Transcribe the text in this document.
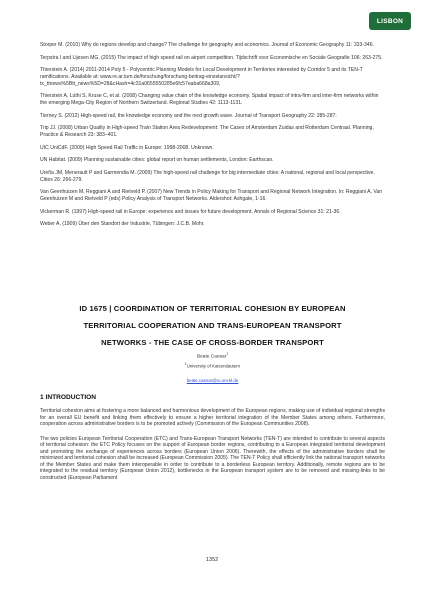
LISBON

Storper M. (2010) Why do regions develop and change? The challenge for geography and economics. Journal of Economic Geography 11: 333-346.

Terpstra I and Lijesen MG. (2015) The impact of high speed rail on airport competition. Tijdschrift voor Economische en Sociale Geografie 106: 263-275.

Thierstein A. (2014) 2011-2014 Poly 5 - Polycentric Planning Models for Local Development in Territories interested by Corridor 5 and its TEN-T ramifications. Available at: www.re.ar.tum.de/forschung/forschung-beitrag-einzelansicht/?tx_ttnews%5Btt_news%5D=28&cHash=4c31a0655550285e6fc57eaba668a309,

Thierstein A, Lüthi S, Kruse C, et al. (2008) Changing value chain of the knowledge economy. Spatial impact of intra-firm and inter-firm networks within the emerging Mega-City Region of Northern Switzerland. Regional Studies 42: 1113-1131.

Tierney S. (2012) High-speed rail, the knowledge economy and the next growth wave. Journal of Transport Geography 22: 285-287.

Trip JJ. (2008) Urban Quality in High-speed Train Station Area Redevelopment: The Cases of Amsterdam Zuidas and Rotterdam Centraal. Planning, Practice & Research 23: 383–401.

UIC UniCdF. (2009) High Speed Rail Traffic in Europe: 1998-2008. Unknown.

UN Habitat. (2009) Planning sustainable cities: global report on human settlements, London: Earthscan.

Ureña JM, Menerault P and Garmendia M. (2009) The high-speed rail challenge for big intermediate cities: A national, regional and local perspective. Cities 26: 266-279.

Van Geenhuizen M, Reggiani A and Rietveld P. (2007) New Trends in Policy Making for Transport and Regional Network Integration. In: Reggiani A, Van Geenhuizen M and Rietveld P (eds) Policy Analysis of Transport Networks. Aldershot: Ashgate, 1-16.

Vickerman R. (1997) High-speed rail in Europe: experience and issues for future development. Annals of Regional Science 31: 21-36.

Weber A. (1909) Über den Standort der Industrie, Tübingen: J.C.B. Mohr.

ID 1675 | COORDINATION OF TERRITORIAL COHESION BY EUROPEAN
TERRITORIAL COOPERATION AND TRANS-EUROPEAN TRANSPORT
NETWORKS - THE CASE OF CROSS-BORDER TRANSPORT
Beate Caesar$^1$
$^1$University of Kaiserslautern
beate.caesar@ru.uni-kl.de
1 INTRODUCTION

Territorial cohesion aims at fostering a more balanced and harmonious development of the European regions, making use of individual regional strengths for an overall EU benefit and linking them effectively to ensure a higher territorial integration of the Member States among others. Furthermore, cooperation across administrative borders is to be promoted actively (Commission of the European Communities 2008).

The two policies European Territorial Cooperation (ETC) and Trans-European Transport Networks (TEN-T) are intended to contribute to several aspects of territorial cohesion: the ETC Policy focuses on the support of European border regions, contributing to a European integrated territorial development and promoting the exchange of experiences across borders (European Union 2006). Therewith, the effects of the administrative borders shall be minimized and territorial cohesion shall be increased (European Commission 2005). The TEN-T Policy shall efficiently link the national transport networks of the Member States and make them interoperable in order to contribute to a borderless European territory. Additionally, remote regions are to be integrated to the residual territory (European Union 2012), bottlenecks in the European transport system are to be removed and missing-links to be constructed (European Parliament

1352
